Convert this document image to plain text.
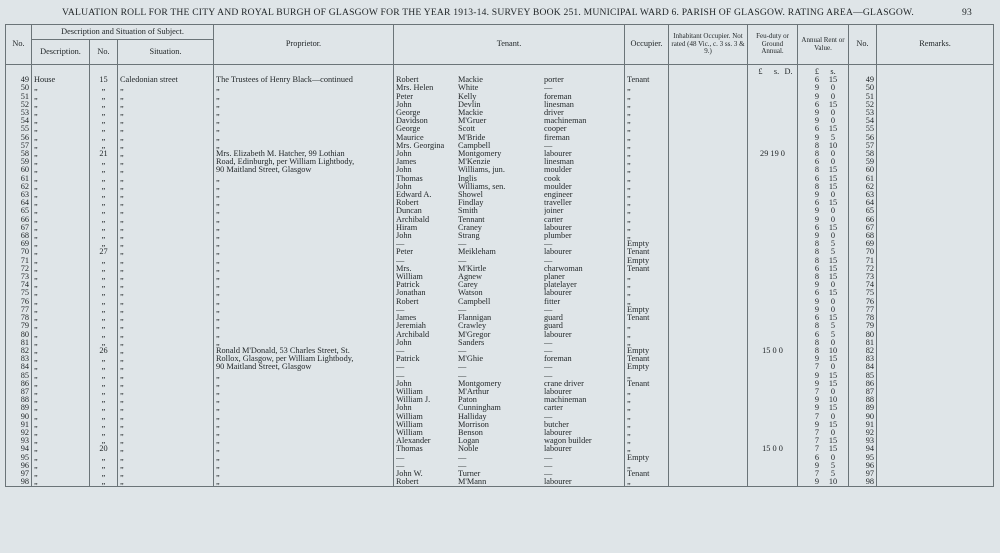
VALUATION ROLL FOR THE CITY AND ROYAL BURGH OF GLASGOW FOR THE YEAR 1913-14. SURVEY BOOK 251. MUNICIPAL WARD 6. PARISH OF GLASGOW. RATING AREA—GLASGOW.	93
No.	Description and Situation of Subject.			Proprietor.	Tenant.	Occupier.	Inhabitant Occupier. Not rated (48 Vic., c. 3 ss. 3 & 9.)	Feu-duty or Ground Annual.	Annual Rent or Value.	No.	Remarks.
	Description.	No.	Situation.								

								£ s. D.	£ s.		

49	House	15	Caledonian street	The Trustees of Henry Black—continued	Robert Mackie porter	Tenant			6 15	49	
50	„	„	„	„	Mrs. Helen White —	„			9 0	50	
51	„	„	„	„	Peter Kelly foreman	„			9 0	51	
52	„	„	„	„	John Devlin linesman	„			6 15	52	
53	„	„	„	„	George Mackie driver	„			9 0	53	
54	„	„	„	„	Davidson M'Gruer machineman	„			9 0	54	
55	„	„	„	„	George Scott cooper	„			6 15	55	
56	„	„	„	„	Maurice M'Bride fireman	„			9 5	56	
57	„	„	„	„	Mrs. Georgina Campbell —	„			8 10	57	
58	„	21	„	Mrs. Elizabeth M. Hatcher, 99 Lothian	John Montgomery labourer	„		29 19 0	8 0	58	
59	„	„	„	Road, Edinburgh, per William Lightbody,	James M'Kenzie linesman	„			6 0	59	
60	„	„	„	90 Maitland Street, Glasgow	John Williams, jun. moulder	„			8 15	60	
61	„	„	„	„	Thomas Inglis cook	„			6 15	61	
62	„	„	„	„	John Williams, sen. moulder	„			8 15	62	
63	„	„	„	„	Edward A. Showel engineer	„			9 0	63	
64	„	„	„	„	Robert Findlay traveller	„			6 15	64	
65	„	„	„	„	Duncan Smith joiner	„			9 0	65	
66	„	„	„	„	Archibald Tennant carter	„			9 0	66	
67	„	„	„	„	Hiram Craney labourer	„			6 15	67	
68	„	„	„	„	John Strang plumber	„			9 0	68	
69	„	„	„	„	— — —	Empty			8 5	69	
70	„	27	„	„	Peter Meikleham labourer	Tenant			8 5	70	
71	„	„	„	„	— — —	Empty			8 15	71	
72	„	„	„	„	Mrs. M'Kirtle charwoman	Tenant			6 15	72	
73	„	„	„	„	William Agnew planer	„			8 15	73	
74	„	„	„	„	Patrick Carey platelayer	„			9 0	74	
75	„	„	„	„	Jonathan Watson labourer	„			6 15	75	
76	„	„	„	„	Robert Campbell fitter	„			9 0	76	
77	„	„	„	„	— — —	Empty			9 0	77	
78	„	„	„	„	James Flannigan guard	Tenant			6 15	78	
79	„	„	„	„	Jeremiah Crawley guard	„			8 5	79	
80	„	„	„	„	Archibald M'Gregor labourer	„			6 5	80	
81	„	„	„	„	John Sanders —	„			8 0	81	
82	„	26	„	Ronald M'Donald, 53 Charles Street, St.	— — —	Empty		15 0 0	8 10	82	
83	„	„	„	Rollox, Glasgow, per William Lightbody,	Patrick M'Ghie foreman	Tenant			9 15	83	
84	„	„	„	90 Maitland Street, Glasgow	— — —	Empty			7 0	84	
85	„	„	„	„	— — —	„			9 15	85	
86	„	„	„	„	John Montgomery crane driver	Tenant			9 15	86	
87	„	„	„	„	William M'Arthur labourer	„			7 0	87	
88	„	„	„	„	William J. Paton machineman	„			9 10	88	
89	„	„	„	„	John Cunningham carter	„			9 15	89	
90	„	„	„	„	William Halliday —	„			7 0	90	
91	„	„	„	„	William Morrison butcher	„			9 15	91	
92	„	„	„	„	William Benson labourer	„			7 0	92	
93	„	„	„	„	Alexander Logan wagon builder	„			7 15	93	
94	„	20	„	„	Thomas Noble labourer	„		15 0 0	7 15	94	
95	„	„	„	„	— — —	Empty			6 0	95	
96	„	„	„	„	— — —	„			9 5	96	
97	„	„	„	„	John W. Turner —	Tenant			7 5	97	
98	„	„	„	„	Robert M'Mann labourer	„			9 10	98	
